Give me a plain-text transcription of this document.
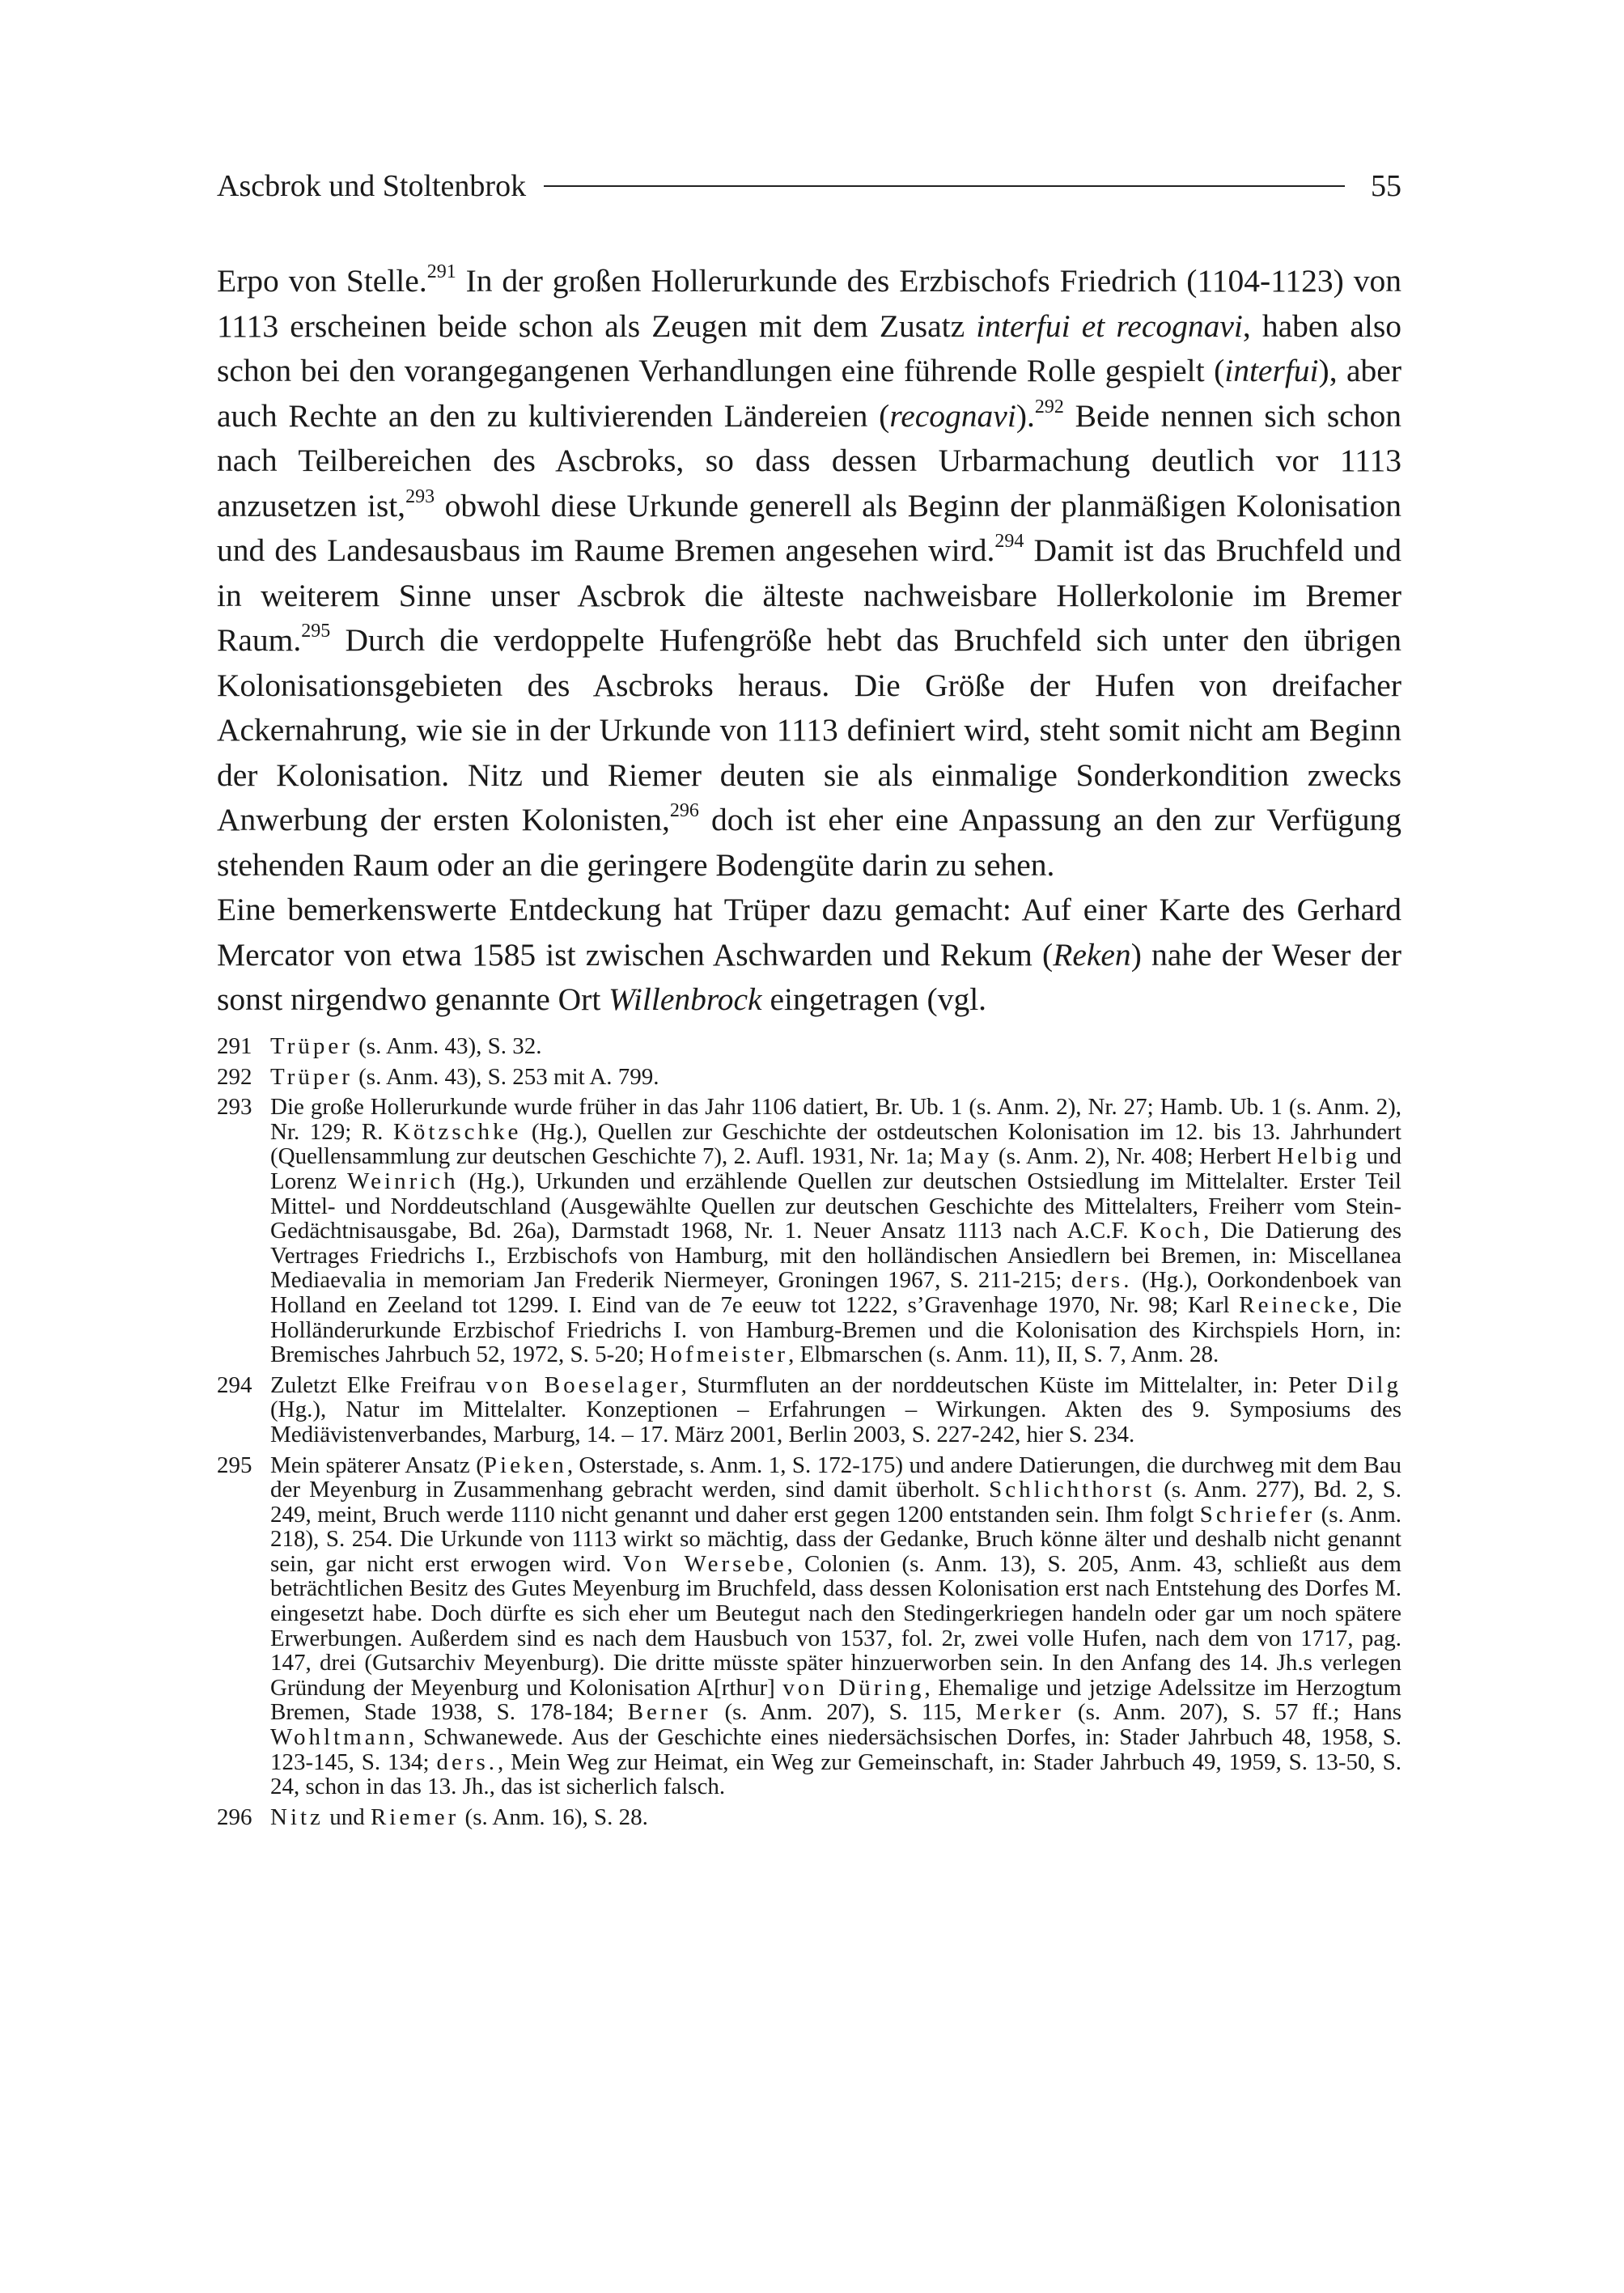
Ascbrok und Stoltenbrok	55

Erpo von Stelle.$^{291}$ In der großen Hollerurkunde des Erzbischofs Friedrich (1104-1123) von 1113 erscheinen beide schon als Zeugen mit dem Zusatz interfui et recognavi, haben also schon bei den vorangegangenen Verhandlungen eine führende Rolle gespielt (interfui), aber auch Rechte an den zu kultivierenden Ländereien (recognavi).$^{292}$ Beide nennen sich schon nach Teilbereichen des Ascbroks, so dass dessen Urbarmachung deutlich vor 1113 anzusetzen ist,$^{293}$ obwohl diese Urkunde generell als Beginn der planmäßigen Kolonisation und des Landesausbaus im Raume Bremen angesehen wird.$^{294}$ Damit ist das Bruchfeld und in weiterem Sinne unser Ascbrok die älteste nachweisbare Hollerkolonie im Bremer Raum.$^{295}$ Durch die verdoppelte Hufengröße hebt das Bruchfeld sich unter den übrigen Kolonisationsgebieten des Ascbroks heraus. Die Größe der Hufen von dreifacher Ackernahrung, wie sie in der Urkunde von 1113 definiert wird, steht somit nicht am Beginn der Kolonisation. Nitz und Riemer deuten sie als einmalige Sonderkondition zwecks Anwerbung der ersten Kolonisten,$^{296}$ doch ist eher eine Anpassung an den zur Verfügung stehenden Raum oder an die geringere Bodengüte darin zu sehen.

Eine bemerkenswerte Entdeckung hat Trüper dazu gemacht: Auf einer Karte des Gerhard Mercator von etwa 1585 ist zwischen Aschwarden und Rekum (Reken) nahe der Weser der sonst nirgendwo genannte Ort Willenbrock eingetragen (vgl.

291 Trüper (s. Anm. 43), S. 32.
292 Trüper (s. Anm. 43), S. 253 mit A. 799.
293 Die große Hollerurkunde wurde früher in das Jahr 1106 datiert, Br. Ub. 1 (s. Anm. 2), Nr. 27; Hamb. Ub. 1 (s. Anm. 2), Nr. 129; R. Kötzschke (Hg.), Quellen zur Geschichte der ostdeutschen Kolonisation im 12. bis 13. Jahrhundert (Quellensammlung zur deutschen Geschichte 7), 2. Aufl. 1931, Nr. 1a; May (s. Anm. 2), Nr. 408; Herbert Helbig und Lorenz Weinrich (Hg.), Urkunden und erzählende Quellen zur deutschen Ostsiedlung im Mittelalter. Erster Teil Mittel- und Norddeutschland (Ausgewählte Quellen zur deutschen Geschichte des Mittelalters, Freiherr vom Stein-Gedächtnisausgabe, Bd. 26a), Darmstadt 1968, Nr. 1. Neuer Ansatz 1113 nach A.C.F. Koch, Die Datierung des Vertrages Friedrichs I., Erzbischofs von Hamburg, mit den holländischen Ansiedlern bei Bremen, in: Miscellanea Mediaevalia in memoriam Jan Frederik Niermeyer, Groningen 1967, S. 211-215; ders. (Hg.), Oorkondenboek van Holland en Zeeland tot 1299. I. Eind van de 7e eeuw tot 1222, s’Gravenhage 1970, Nr. 98; Karl Reinecke, Die Holländerurkunde Erzbischof Friedrichs I. von Hamburg-Bremen und die Kolonisation des Kirchspiels Horn, in: Bremisches Jahrbuch 52, 1972, S. 5-20; Hofmeister, Elbmarschen (s. Anm. 11), II, S. 7, Anm. 28.
294 Zuletzt Elke Freifrau von Boeselager, Sturmfluten an der norddeutschen Küste im Mittelalter, in: Peter Dilg (Hg.), Natur im Mittelalter. Konzeptionen – Erfahrungen – Wirkungen. Akten des 9. Symposiums des Mediävistenverbandes, Marburg, 14. – 17. März 2001, Berlin 2003, S. 227-242, hier S. 234.
295 Mein späterer Ansatz (Pieken, Osterstade, s. Anm. 1, S. 172-175) und andere Datierungen, die durchweg mit dem Bau der Meyenburg in Zusammenhang gebracht werden, sind damit überholt. Schlichthorst (s. Anm. 277), Bd. 2, S. 249, meint, Bruch werde 1110 nicht genannt und daher erst gegen 1200 entstanden sein. Ihm folgt Schriefer (s. Anm. 218), S. 254. Die Urkunde von 1113 wirkt so mächtig, dass der Gedanke, Bruch könne älter und deshalb nicht genannt sein, gar nicht erst erwogen wird. Von Wersebe, Colonien (s. Anm. 13), S. 205, Anm. 43, schließt aus dem beträchtlichen Besitz des Gutes Meyenburg im Bruchfeld, dass dessen Kolonisation erst nach Entstehung des Dorfes M. eingesetzt habe. Doch dürfte es sich eher um Beutegut nach den Stedingerkriegen handeln oder gar um noch spätere Erwerbungen. Außerdem sind es nach dem Hausbuch von 1537, fol. 2r, zwei volle Hufen, nach dem von 1717, pag. 147, drei (Gutsarchiv Meyenburg). Die dritte müsste später hinzuerworben sein. In den Anfang des 14. Jh.s verlegen Gründung der Meyenburg und Kolonisation A[rthur] von Düring, Ehemalige und jetzige Adelssitze im Herzogtum Bremen, Stade 1938, S. 178-184; Berner (s. Anm. 207), S. 115, Merker (s. Anm. 207), S. 57 ff.; Hans Wohltmann, Schwanewede. Aus der Geschichte eines niedersächsischen Dorfes, in: Stader Jahrbuch 48, 1958, S. 123-145, S. 134; ders., Mein Weg zur Heimat, ein Weg zur Gemeinschaft, in: Stader Jahrbuch 49, 1959, S. 13-50, S. 24, schon in das 13. Jh., das ist sicherlich falsch.
296 Nitz und Riemer (s. Anm. 16), S. 28.
